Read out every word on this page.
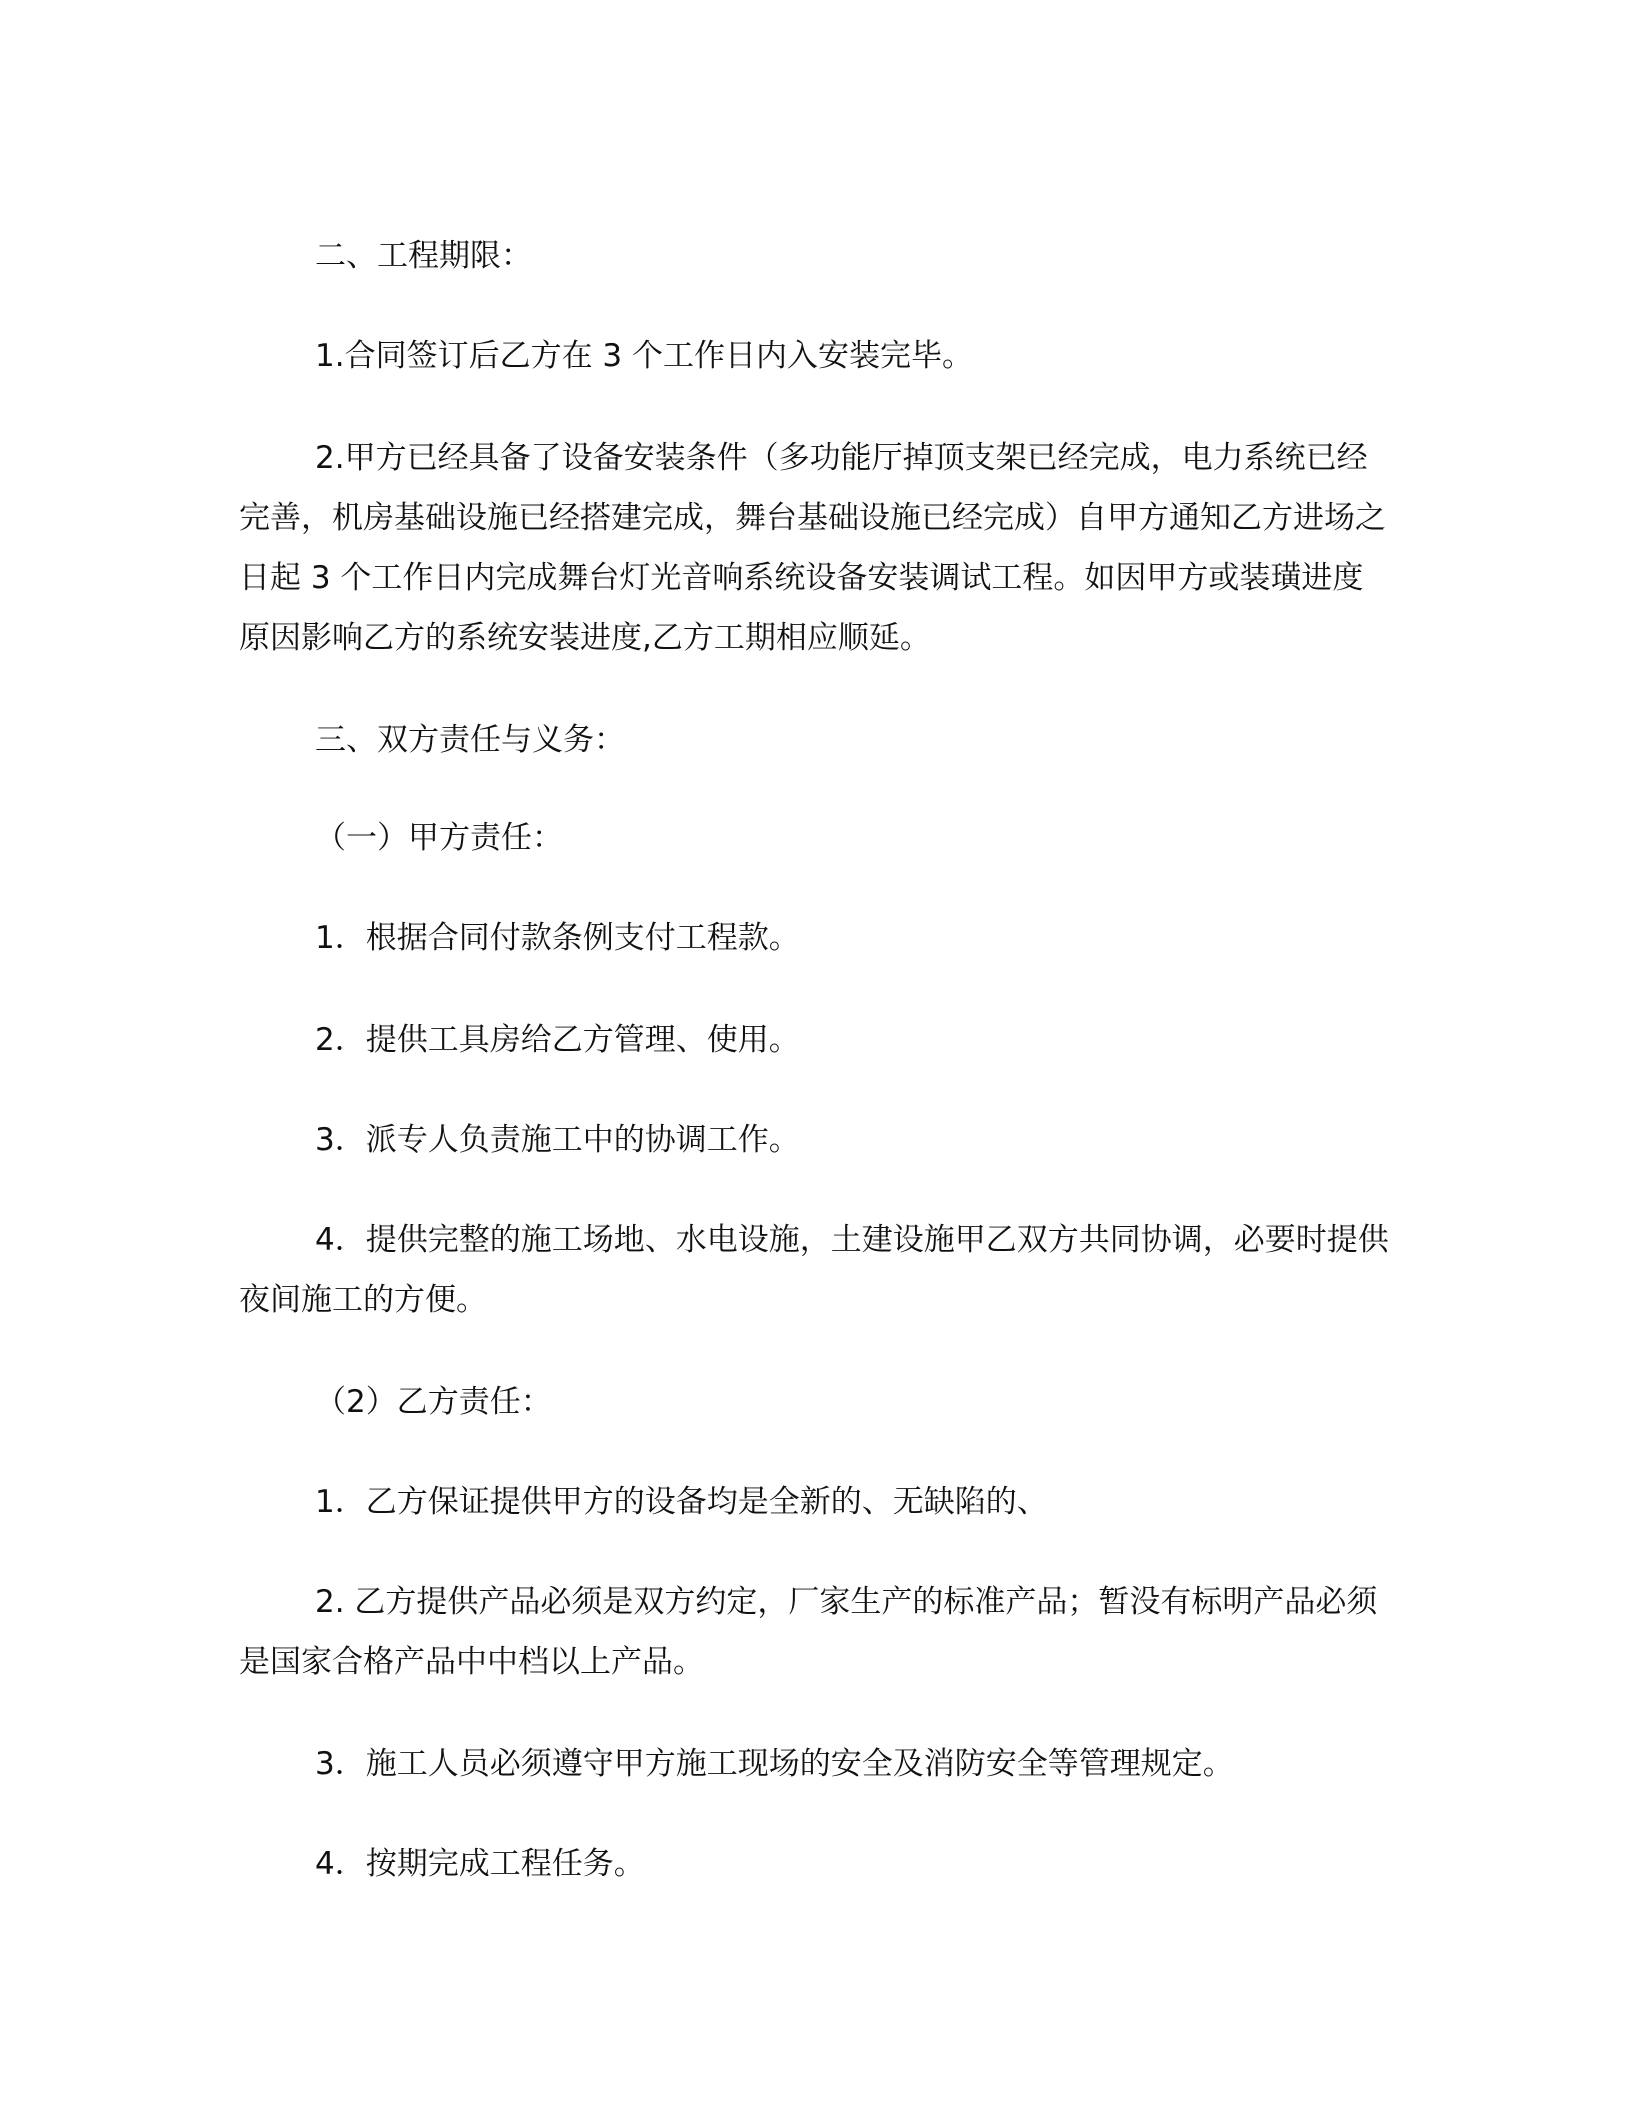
二、工程期限：

1.合同签订后乙方在 3 个工作日内入安装完毕。

2.甲方已经具备了设备安装条件（多功能厅掉顶支架已经完成，电力系统已经完善，机房基础设施已经搭建完成，舞台基础设施已经完成）自甲方通知乙方进场之日起 3 个工作日内完成舞台灯光音响系统设备安装调试工程。如因甲方或装璜进度原因影响乙方的系统安装进度,乙方工期相应顺延。

三、双方责任与义务：

（一）甲方责任：

1．根据合同付款条例支付工程款。

2．提供工具房给乙方管理、使用。

3．派专人负责施工中的协调工作。

4．提供完整的施工场地、水电设施，土建设施甲乙双方共同协调，必要时提供夜间施工的方便。

（2）乙方责任：

1．乙方保证提供甲方的设备均是全新的、无缺陷的、

2. 乙方提供产品必须是双方约定，厂家生产的标准产品；暂没有标明产品必须是国家合格产品中中档以上产品。

3．施工人员必须遵守甲方施工现场的安全及消防安全等管理规定。

4．按期完成工程任务。
